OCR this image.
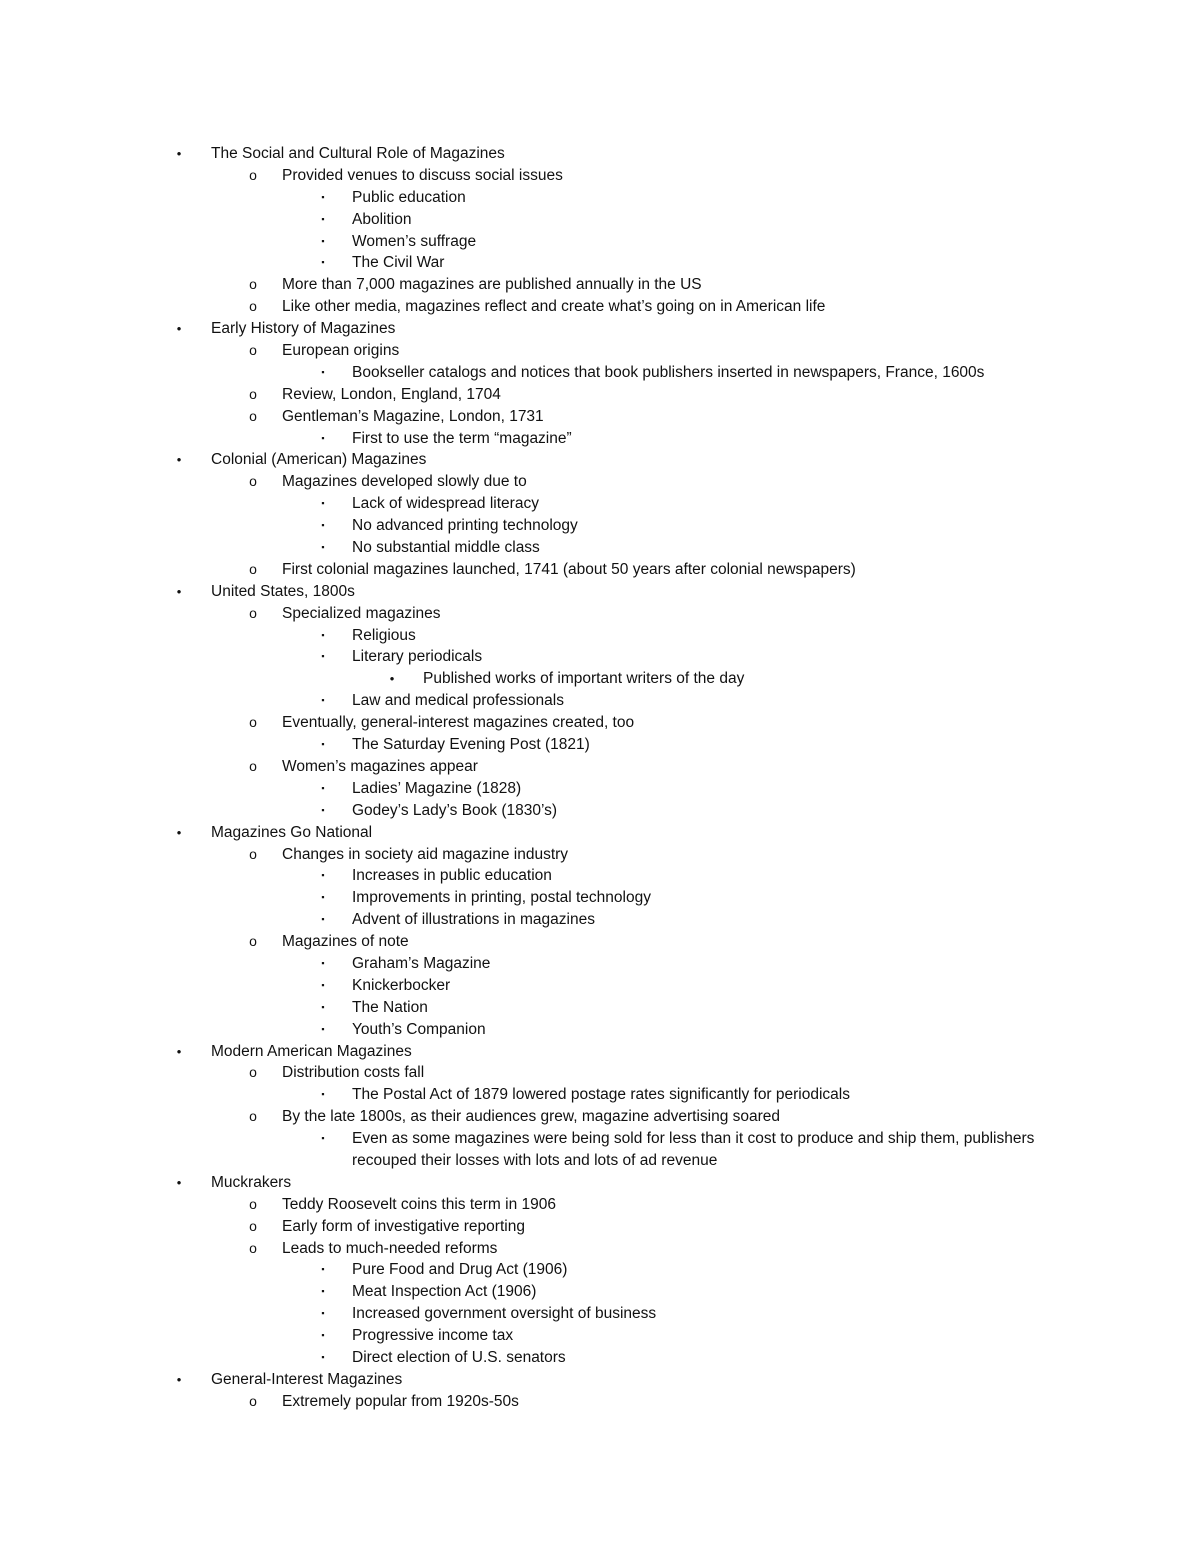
•	The Social and Cultural Role of Magazines
o Provided venues to discuss social issues
▪	Public education
▪	Abolition
▪	Women’s suffrage
▪	The Civil War
o More than 7,000 magazines are published annually in the US
o Like other media, magazines reflect and create what’s going on in American life
•	Early History of Magazines
o European origins
▪	Bookseller catalogs and notices that book publishers inserted in newspapers, France, 1600s
o Review, London, England, 1704
o Gentleman’s Magazine, London, 1731
▪	First to use the term “magazine”
•	Colonial (American) Magazines
o Magazines developed slowly due to
▪	Lack of widespread literacy
▪	No advanced printing technology
▪	No substantial middle class
o First colonial magazines launched, 1741 (about 50 years after colonial newspapers)
•	United States, 1800s
o Specialized magazines
▪	Religious
▪	Literary periodicals
•	Published works of important writers of the day
▪	Law and medical professionals
o Eventually, general-interest magazines created, too
▪	The Saturday Evening Post (1821)
o Women’s magazines appear
▪	Ladies’ Magazine (1828)
▪	Godey’s Lady’s Book (1830’s)
•	Magazines Go National
o Changes in society aid magazine industry
▪	Increases in public education
▪	Improvements in printing, postal technology
▪	Advent of illustrations in magazines
o Magazines of note
▪	Graham’s Magazine
▪	Knickerbocker
▪	The Nation
▪	Youth’s Companion
•	Modern American Magazines
o Distribution costs fall
▪	The Postal Act of 1879 lowered postage rates significantly for periodicals
o By the late 1800s, as their audiences grew, magazine advertising soared
▪	Even as some magazines were being sold for less than it cost to produce and ship them, publishers recouped their losses with lots and lots of ad revenue
•	Muckrakers
o Teddy Roosevelt coins this term in 1906
o Early form of investigative reporting
o Leads to much-needed reforms
▪	Pure Food and Drug Act (1906)
▪	Meat Inspection Act (1906)
▪	Increased government oversight of business
▪	Progressive income tax
▪	Direct election of U.S. senators
•	General-Interest Magazines
o Extremely popular from 1920s-50s
